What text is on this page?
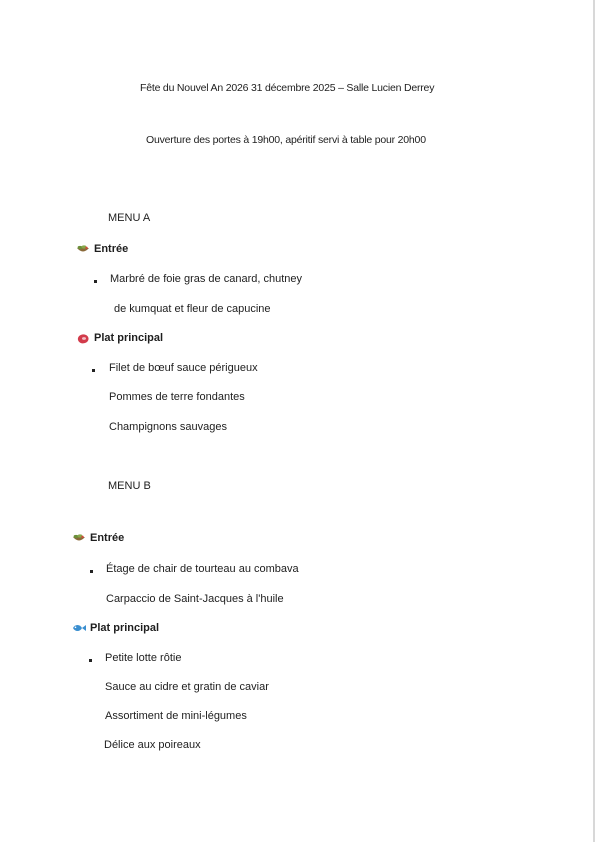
Fête du Nouvel An 2026 31 décembre 2025 – Salle Lucien Derrey
Ouverture des portes à 19h00, apéritif servi à table pour 20h00
MENU A
Entrée
Marbré de foie gras de canard, chutney
de kumquat et fleur de capucine
Plat principal
Filet de bœuf sauce périgueux
Pommes de terre fondantes
Champignons sauvages
MENU B
Entrée
Étage de chair de tourteau au combava
Carpaccio de Saint-Jacques à l'huile
Plat principal
Petite lotte rôtie
Sauce au cidre et gratin de caviar
Assortiment de mini-légumes
Délice aux poireaux
